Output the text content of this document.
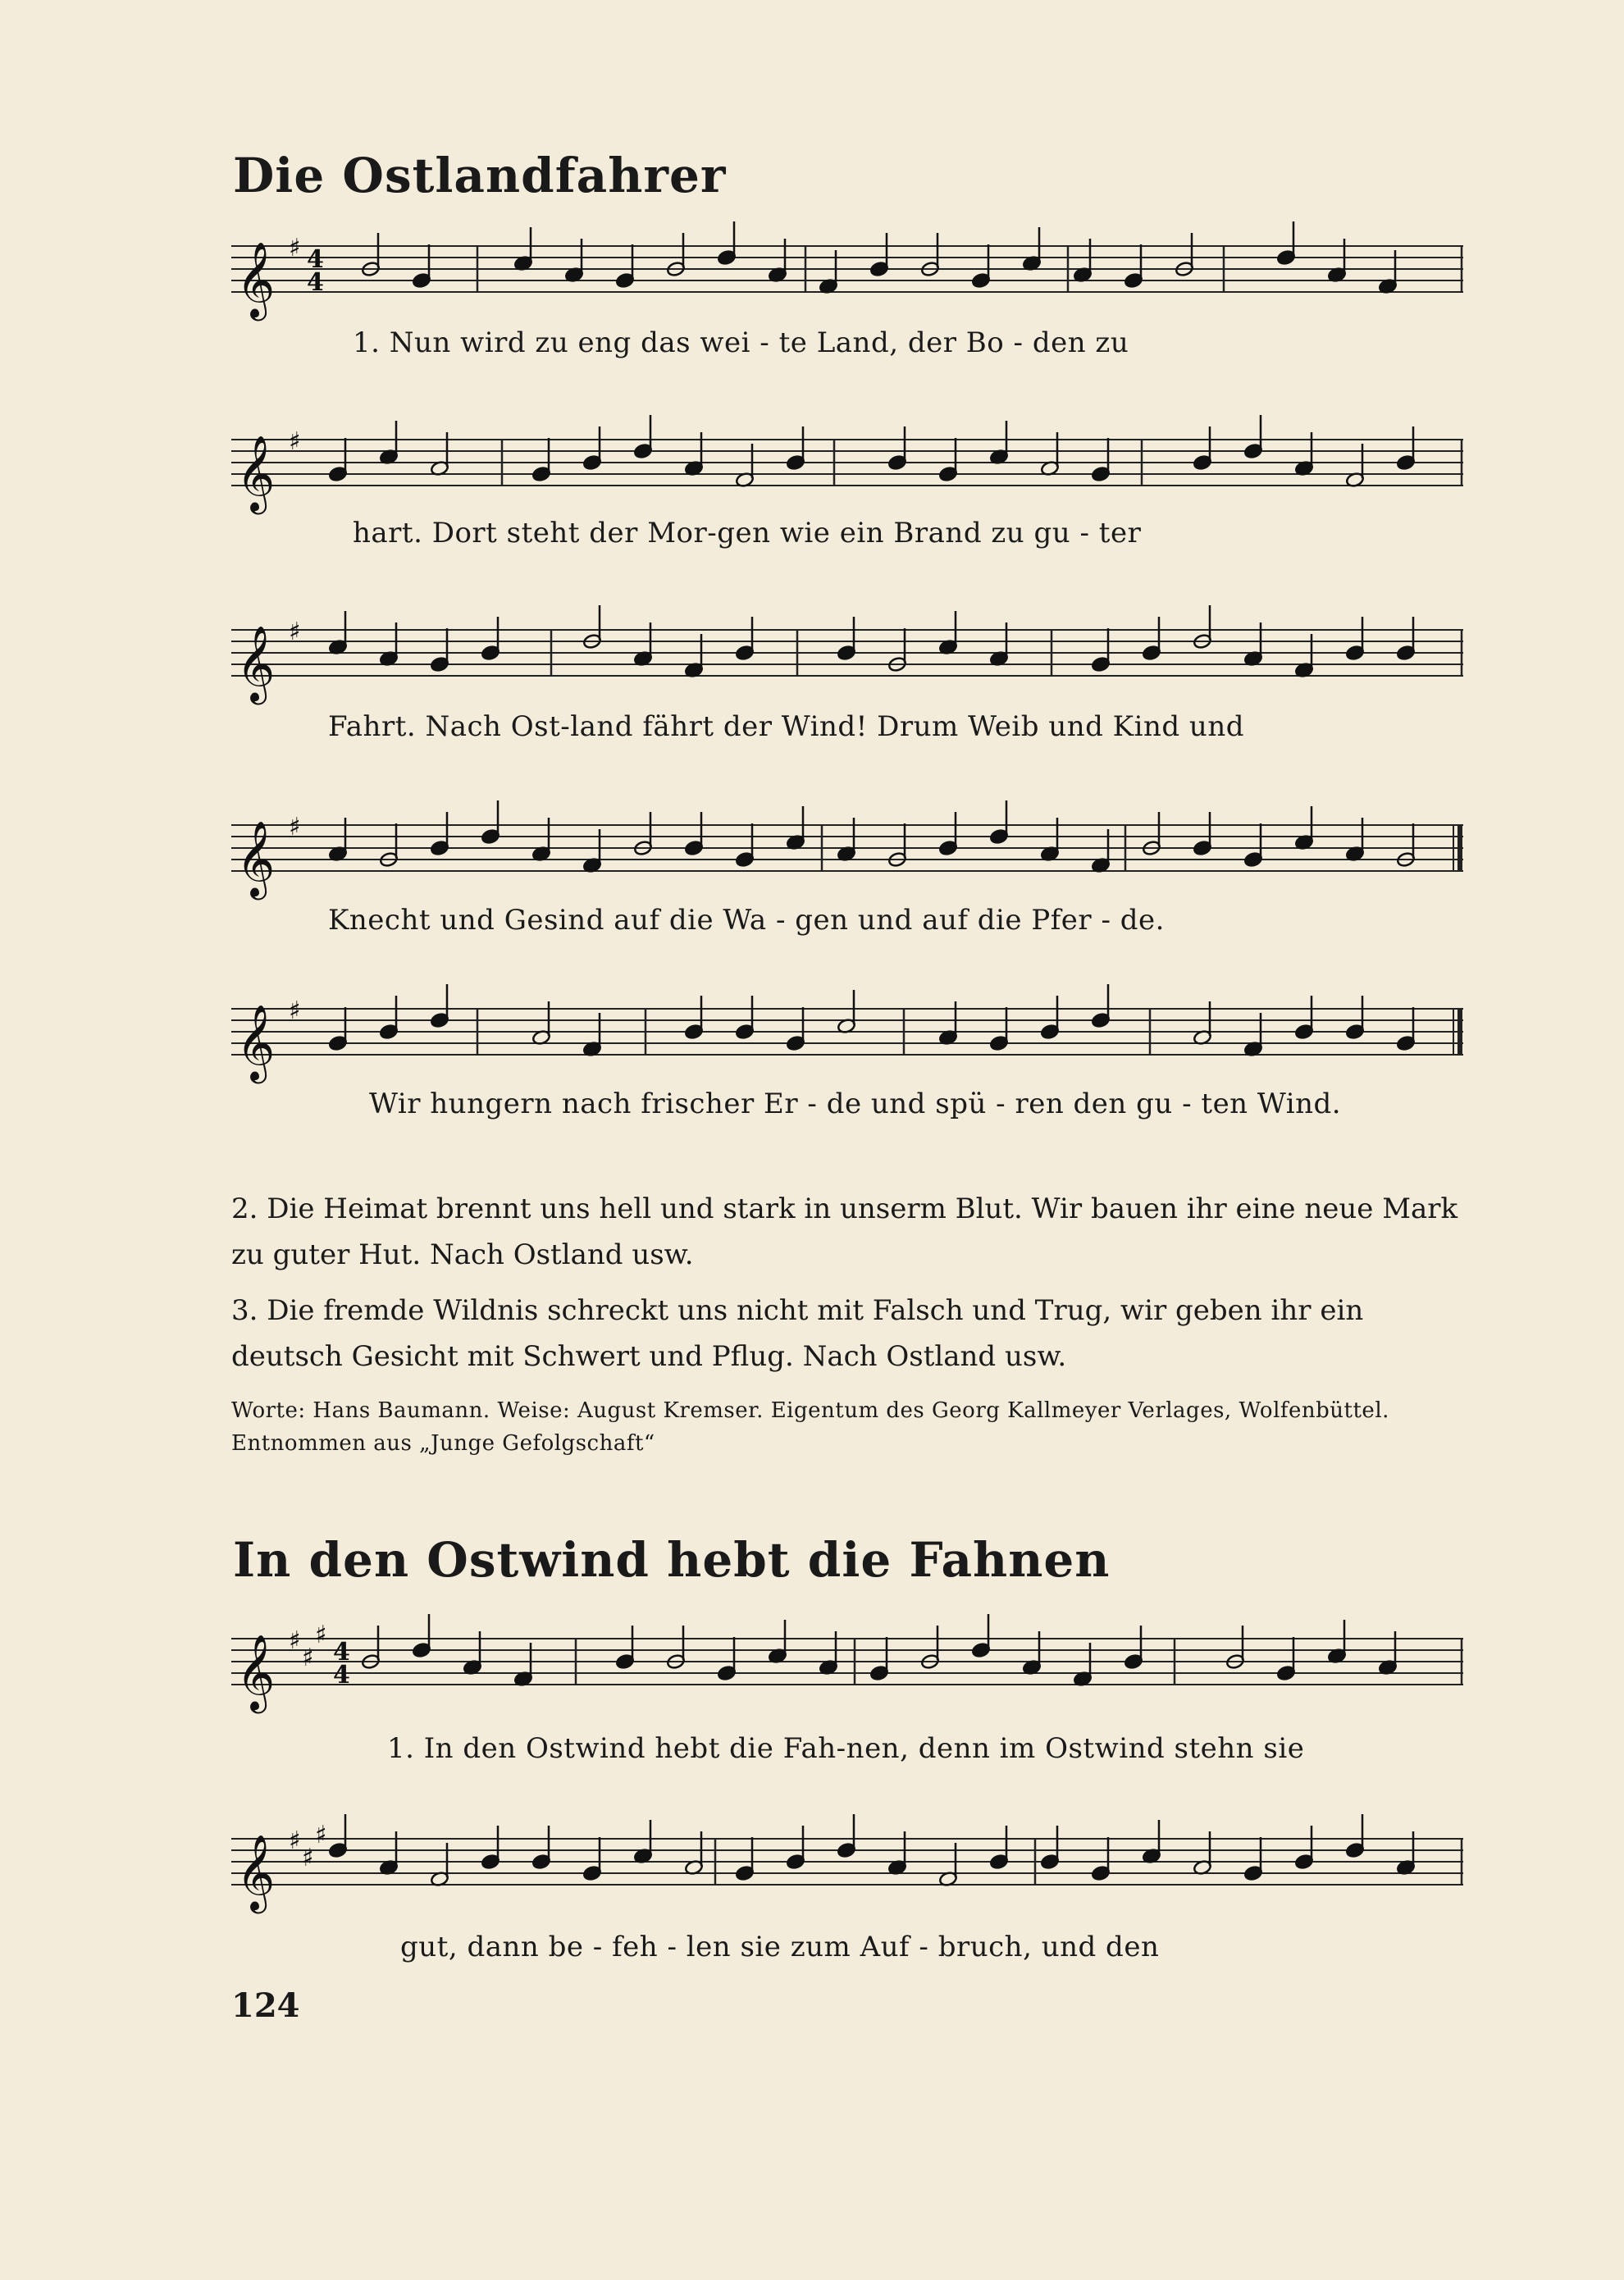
Die Ostlandfahrer
𝄞 ♯ 4
4
1. Nun wird zu eng das wei - te Land, der Bo - den zu
𝄞 ♯
hart. Dort steht der Mor-gen wie ein Brand zu gu - ter
𝄞 ♯
Fahrt. Nach Ost-land fährt der Wind! Drum Weib und Kind und
𝄞 ♯
Knecht und Gesind auf die Wa - gen und auf die Pfer - de.
𝄞 ♯
Wir hungern nach frischer Er - de und spü - ren den gu - ten Wind.

2. Die Heimat brennt uns hell und stark in unserm Blut. Wir bauen ihr eine neue Mark zu guter Hut. Nach Ostland usw.

3. Die fremde Wildnis schreckt uns nicht mit Falsch und Trug, wir geben ihr ein deutsch Gesicht mit Schwert und Pflug. Nach Ostland usw.

Worte: Hans Baumann. Weise: August Kremser. Eigentum des Georg Kallmeyer Verlages, Wolfenbüttel. Entnommen aus „Junge Gefolgschaft“

In den Ostwind hebt die Fahnen
𝄞 ♯
♯
♯
4
4
1. In den Ostwind hebt die Fah-nen, denn im Ostwind stehn sie
𝄞 ♯
♯
♯
gut, dann be - feh - len sie zum Auf - bruch, und den

124
